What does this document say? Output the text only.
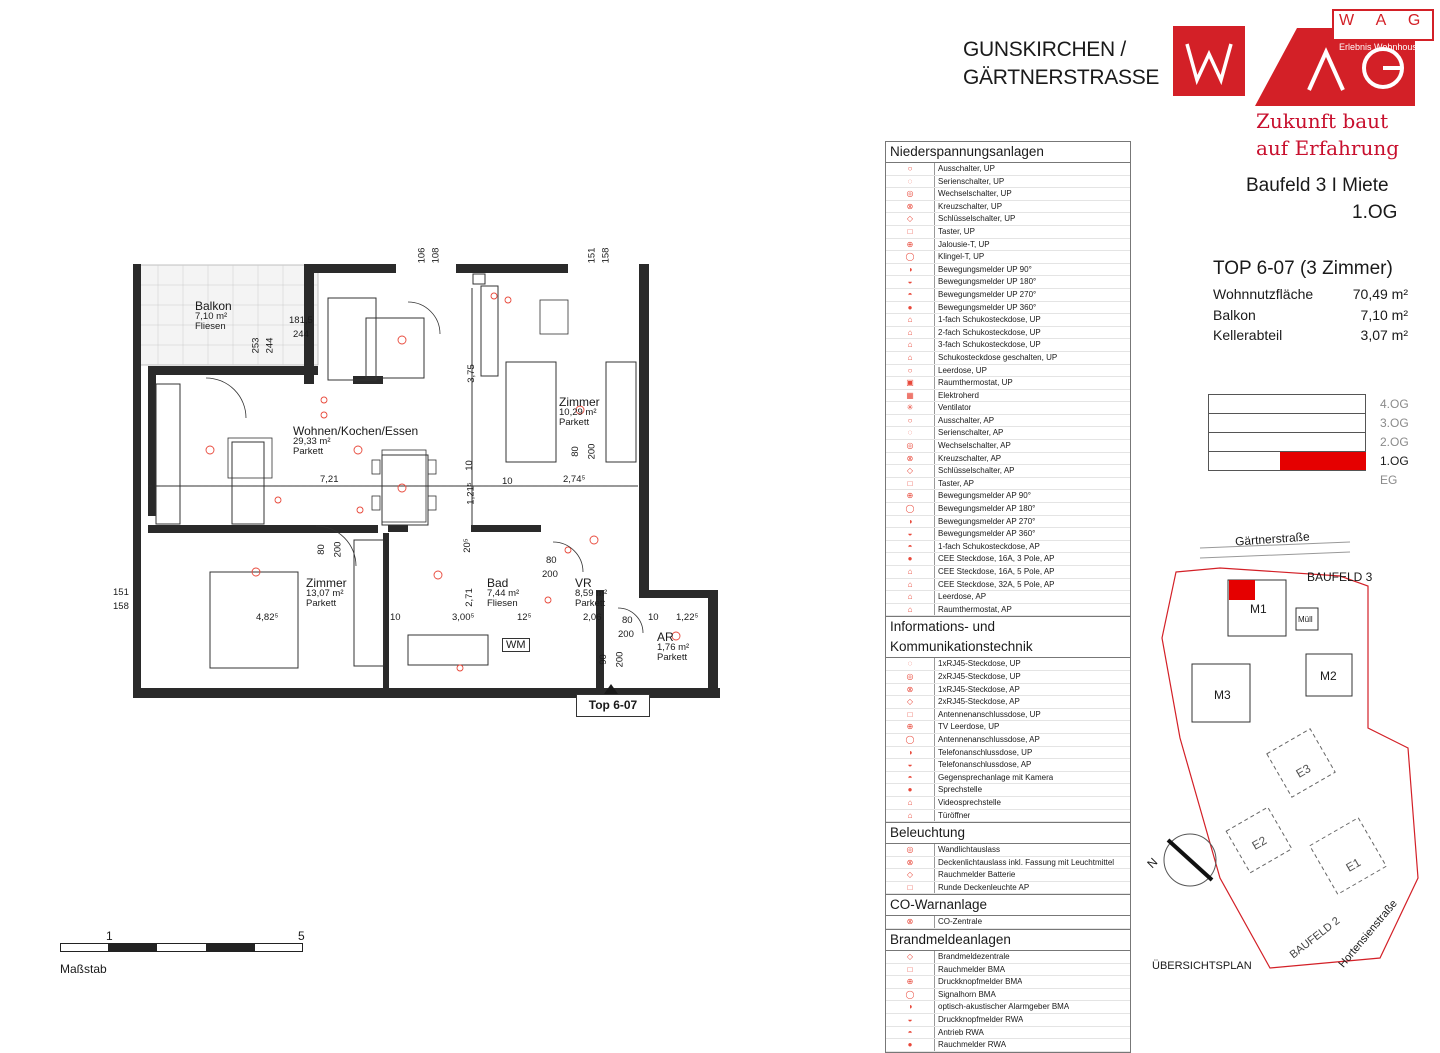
GUNSKIRCHEN /
GÄRTNERSTRASSE
W A G
Erlebnis Wohnhouse.
Zukunft baut
auf Erfahrung
Baufeld 3 I Miete
1.OG
TOP 6-07 (3 Zimmer)
Wohnnutzfläche	70,49 m²
Balkon	7,10 m²
Kellerabteil	3,07 m²
4.OG
3.OG
2.OG
1.OG
EG
Niederspannungsanlagen
○	Ausschalter, UP
◌	Serienschalter, UP
◎	Wechselschalter, UP
⊗	Kreuzschalter, UP
◇	Schlüsselschalter, UP
□	Taster, UP
⊕	Jalousie-T, UP
◯	Klingel-T, UP
◑	Bewegungsmelder UP 90°
◒	Bewegungsmelder UP 180°
◓	Bewegungsmelder UP 270°
●	Bewegungsmelder UP 360°
⌂	1-fach Schukosteckdose, UP
⌂	2-fach Schukosteckdose, UP
⌂	3-fach Schukosteckdose, UP
⌂	Schukosteckdose geschalten, UP
○	Leerdose, UP
▣	Raumthermostat, UP
▦	Elektroherd
✳	Ventilator
○	Ausschalter, AP
◌	Serienschalter, AP
◎	Wechselschalter, AP
⊗	Kreuzschalter, AP
◇	Schlüsselschalter, AP
□	Taster, AP
⊕	Bewegungsmelder AP 90°
◯	Bewegungsmelder AP 180°
◑	Bewegungsmelder AP 270°
◒	Bewegungsmelder AP 360°
◓	1-fach Schukosteckdose, AP
●	CEE Steckdose, 16A, 3 Pole, AP
⌂	CEE Steckdose, 16A, 5 Pole, AP
⌂	CEE Steckdose, 32A, 5 Pole, AP
⌂	Leerdose, AP
⌂	Raumthermostat, AP
Informations- und Kommunikationstechnik
◌	1xRJ45-Steckdose, UP
◎	2xRJ45-Steckdose, UP
⊗	1xRJ45-Steckdose, AP
◇	2xRJ45-Steckdose, AP
□	Antennenanschlussdose, UP
⊕	TV Leerdose, UP
◯	Antennenanschlussdose, AP
◑	Telefonanschlussdose, UP
◒	Telefonanschlussdose, AP
◓	Gegensprechanlage mit Kamera
●	Sprechstelle
⌂	Videosprechstelle
⌂	Türöffner
Beleuchtung
◎	Wandlichtauslass
⊗	Deckenlichtauslass inkl. Fassung mit Leuchtmittel
◇	Rauchmelder Batterie
□	Runde Deckenleuchte AP
CO-Warnanlage
⊗	CO-Zentrale
Brandmeldeanlagen
◇	Brandmeldezentrale
□	Rauchmelder BMA
⊕	Druckknopfmelder BMA
◯	Signalhorn BMA
◑	optisch-akustischer Alarmgeber BMA
◒	Druckknopfmelder RWA
◓	Antrieb RWA
●	Rauchmelder RWA
Balkon
7,10 m²
Fliesen
Wohnen/Kochen/Essen
29,33 m²
Parkett
Zimmer
10,29 m²
Parkett
Zimmer
13,07 m²
Parkett
Bad
7,44 m²
Fliesen
VR
8,59 m²
Parkett
AR
1,76 m²
Parkett
181,5
244
253 244
106 108	151 158
3,75
7,21
1,21⁵
10
10	2,74⁵
80 200
80 200
151
158
4,82⁵
20⁵
2,71
80
200
10	3,00⁵	12⁵	2,06 80
200
10 1,22⁵
90 200
WM
Top 6-07
1	5
Maßstab
Gärtnerstraße
BAUFELD 3
M1
Müll
M2
M3
E3
E2
E1
N
BAUFELD 2
Hortensienstraße
ÜBERSICHTSPLAN
